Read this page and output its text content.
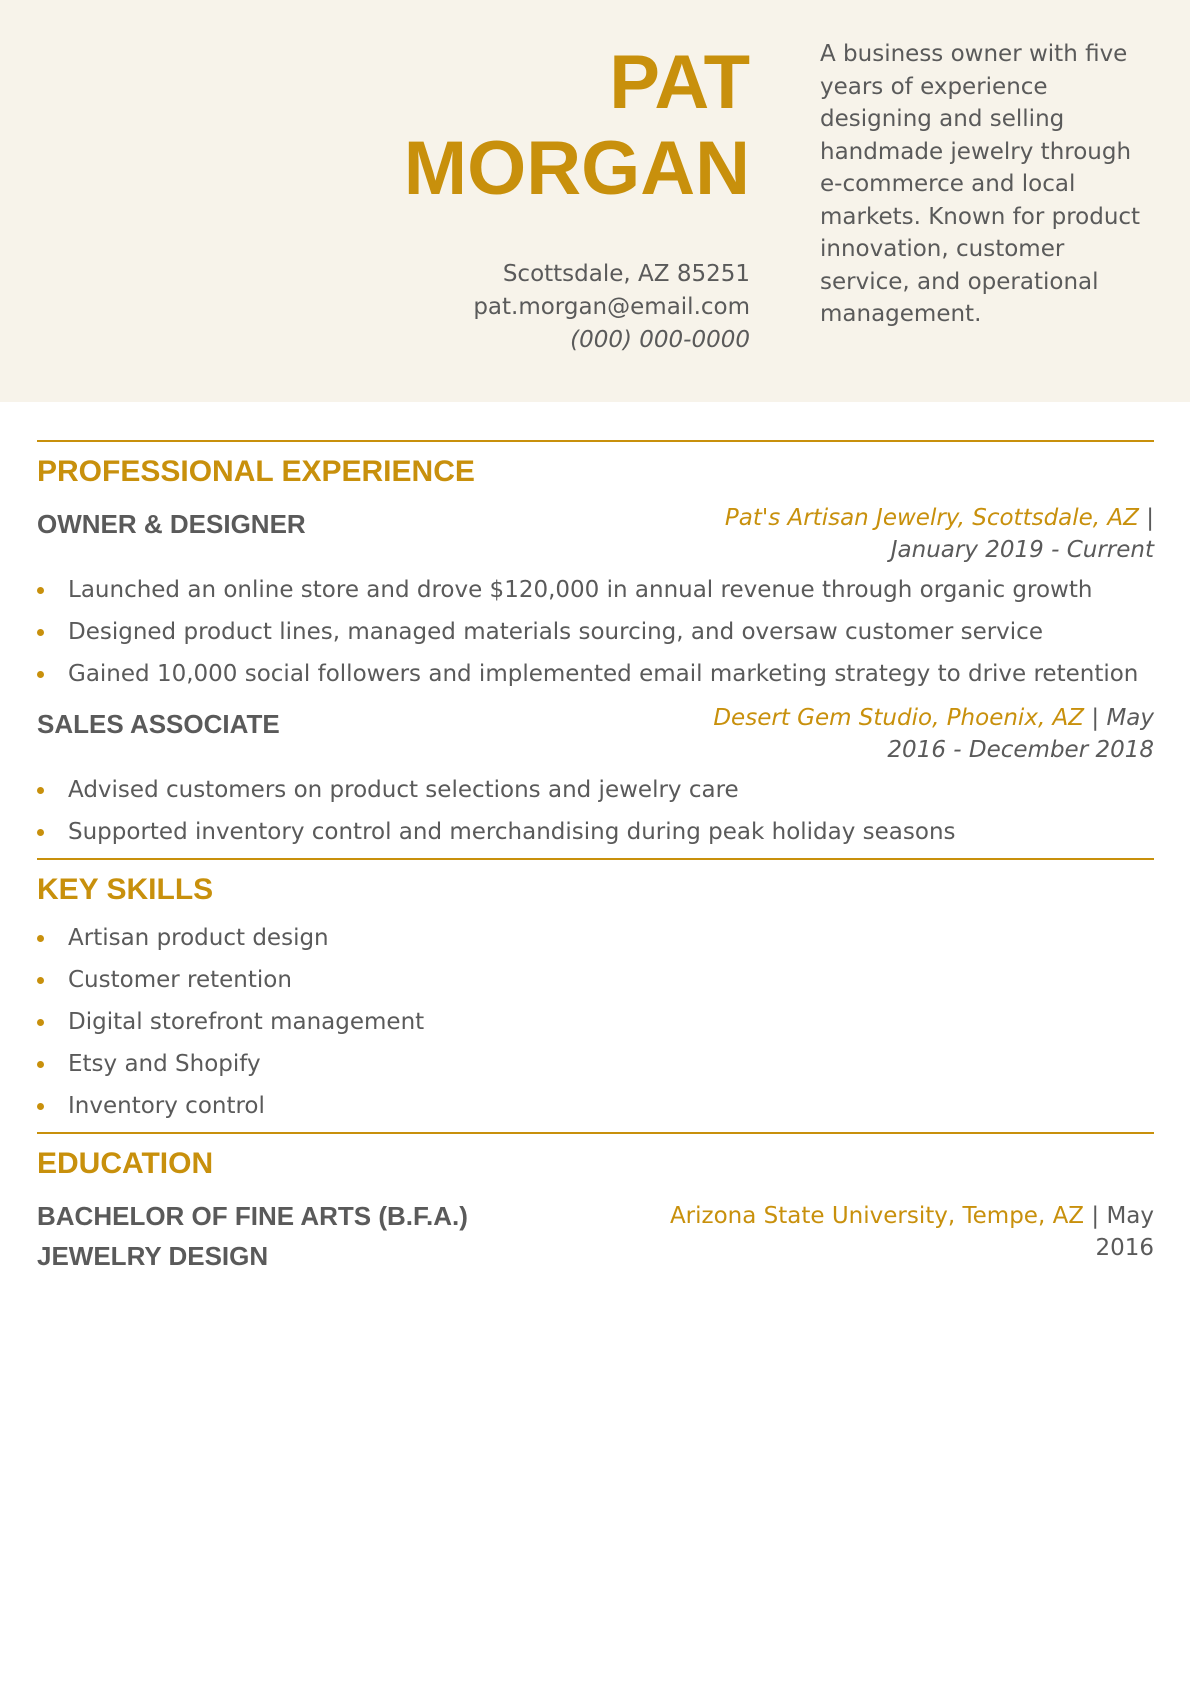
PAT
MORGAN
Scottsdale, AZ 85251
pat.morgan@email.com
(000) 000-0000
A business owner with five years of experience designing and selling handmade jewelry through e-commerce and local markets. Known for product innovation, customer service, and operational management.
PROFESSIONAL EXPERIENCE
OWNER & DESIGNER	Pat's Artisan Jewelry, Scottsdale, AZ |
January 2019 - Current
Launched an online store and drove $120,000 in annual revenue through organic growth
Designed product lines, managed materials sourcing, and oversaw customer service
Gained 10,000 social followers and implemented email marketing strategy to drive retention
SALES ASSOCIATE	Desert Gem Studio, Phoenix, AZ | May
2016 - December 2018
Advised customers on product selections and jewelry care
Supported inventory control and merchandising during peak holiday seasons
KEY SKILLS
Artisan product design
Customer retention
Digital storefront management
Etsy and Shopify
Inventory control
EDUCATION
BACHELOR OF FINE ARTS (B.F.A.)
JEWELRY DESIGN
Arizona State University, Tempe, AZ | May
2016
